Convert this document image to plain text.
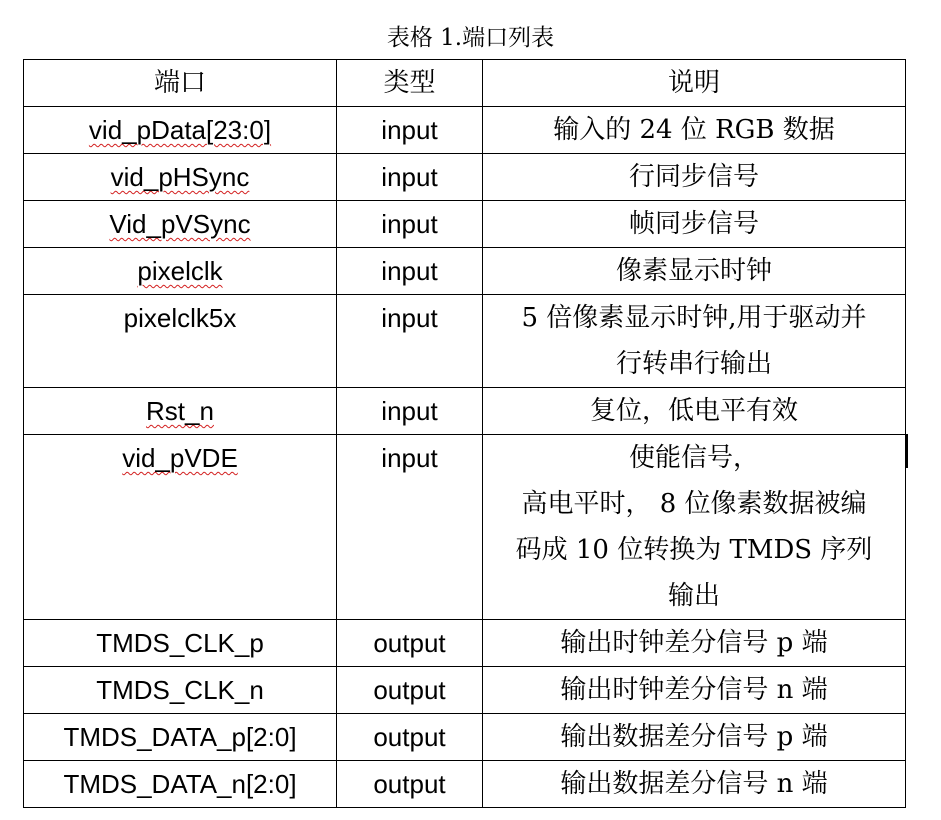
表格 1.端口列表
端口	类型	说明

vid_pData[23:0]	input	输入的 24 位 RGB 数据

vid_pHSync	input	行同步信号

Vid_pVSync	input	帧同步信号

pixelclk	input	像素显示时钟

pixelclk5x	input	5 倍像素显示时钟,用于驱动并
行转串行输出

Rst_n	input	复位，低电平有效

vid_pVDE	input	使能信号，
高电平时， 8 位像素数据被编
码成 10 位转换为 TMDS 序列
输出

TMDS_CLK_p	output	输出时钟差分信号 p 端

TMDS_CLK_n	output	输出时钟差分信号 n 端

TMDS_DATA_p[2:0]	output	输出数据差分信号 p 端

TMDS_DATA_n[2:0]	output	输出数据差分信号 n 端
